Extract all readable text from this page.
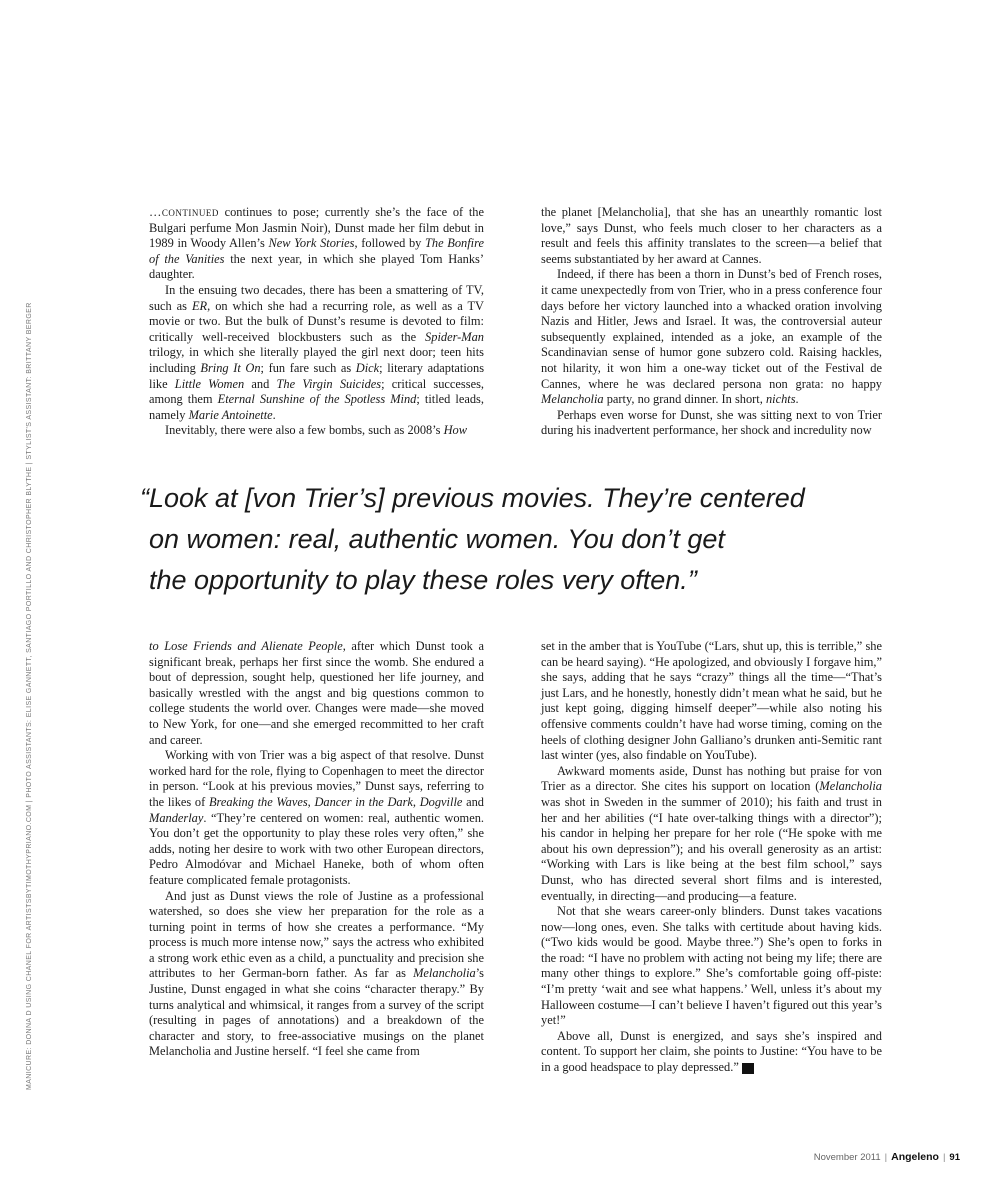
MANICURE: DONNA D USING CHANEL FOR ARTISTSBYTIMOTHYPRIANO.COM | PHOTO ASSISTANTS: ELISE GANNETT, SANTIAGO PORTILLO AND CHRISTOPHER BLYTHE | STYLIST'S ASSISTANT: BRITTANY BERGER

…continued continues to pose; currently she’s the face of the Bulgari perfume Mon Jasmin Noir), Dunst made her film debut in 1989 in Woody Allen’s New York Stories, followed by The Bonfire of the Vanities the next year, in which she played Tom Hanks’ daughter.

In the ensuing two decades, there has been a smattering of TV, such as ER, on which she had a recurring role, as well as a TV movie or two. But the bulk of Dunst’s resume is devoted to film: critically well-received blockbusters such as the Spider-Man trilogy, in which she literally played the girl next door; teen hits including Bring It On; fun fare such as Dick; literary adaptations like Little Women and The Virgin Suicides; critical successes, among them Eternal Sunshine of the Spotless Mind; titled leads, namely Marie Antoinette.

Inevitably, there were also a few bombs, such as 2008’s How

the planet [Melancholia], that she has an unearthly romantic lost love,” says Dunst, who feels much closer to her characters as a result and feels this affinity translates to the screen—a belief that seems substantiated by her award at Cannes.

Indeed, if there has been a thorn in Dunst’s bed of French roses, it came unexpectedly from von Trier, who in a press conference four days before her victory launched into a whacked oration involving Nazis and Hitler, Jews and Israel. It was, the controversial auteur subsequently explained, intended as a joke, an example of the Scandinavian sense of humor gone subzero cold. Raising hackles, not hilarity, it won him a one-way ticket out of the Festival de Cannes, where he was declared persona non grata: no happy Melancholia party, no grand dinner. In short, nichts.

Perhaps even worse for Dunst, she was sitting next to von Trier during his inadvertent performance, her shock and incredulity now

“Look at [von Trier’s] previous movies. They’re centered
on women: real, authentic women. You don’t get
the opportunity to play these roles very often.”

to Lose Friends and Alienate People, after which Dunst took a significant break, perhaps her first since the womb. She endured a bout of depression, sought help, questioned her life journey, and basically wrestled with the angst and big questions common to college students the world over. Changes were made—she moved to New York, for one—and she emerged recommitted to her craft and career.

Working with von Trier was a big aspect of that resolve. Dunst worked hard for the role, flying to Copenhagen to meet the director in person. “Look at his previous movies,” Dunst says, referring to the likes of Breaking the Waves, Dancer in the Dark, Dogville and Manderlay. “They’re centered on women: real, authentic women. You don’t get the opportunity to play these roles very often,” she adds, noting her desire to work with two other European directors, Pedro Almodóvar and Michael Haneke, both of whom often feature complicated female protagonists.

And just as Dunst views the role of Justine as a professional watershed, so does she view her preparation for the role as a turning point in terms of how she creates a performance. “My process is much more intense now,” says the actress who exhibited a strong work ethic even as a child, a punctuality and precision she attributes to her German-born father. As far as Melancholia’s Justine, Dunst engaged in what she coins “character therapy.” By turns analytical and whimsical, it ranges from a survey of the script (resulting in pages of annotations) and a breakdown of the character and story, to free-associative musings on the planet Melancholia and Justine herself. “I feel she came from

set in the amber that is YouTube (“Lars, shut up, this is terrible,” she can be heard saying). “He apologized, and obviously I forgave him,” she says, adding that he says “crazy” things all the time—“That’s just Lars, and he honestly, honestly didn’t mean what he said, but he just kept going, digging himself deeper”—while also noting his offensive comments couldn’t have had worse timing, coming on the heels of clothing designer John Galliano’s drunken anti-Semitic rant last winter (yes, also findable on YouTube).

Awkward moments aside, Dunst has nothing but praise for von Trier as a director. She cites his support on location (Melancholia was shot in Sweden in the summer of 2010); his faith and trust in her and her abilities (“I hate over-talking things with a director”); his candor in helping her prepare for her role (“He spoke with me about his own depression”); and his overall generosity as an artist: “Working with Lars is like being at the best film school,” says Dunst, who has directed several short films and is interested, eventually, in directing—and producing—a feature.

Not that she wears career-only blinders. Dunst takes vacations now—long ones, even. She talks with certitude about having kids. (“Two kids would be good. Maybe three.”) She’s open to forks in the road: “I have no problem with acting not being my life; there are many other things to explore.” She’s comfortable going off-piste: “I’m pretty ‘wait and see what happens.’ Well, unless it’s about my Halloween costume—I can’t believe I haven’t figured out this year’s yet!”

Above all, Dunst is energized, and says she’s inspired and content. To support her claim, she points to Justine: “You have to be in a good headspace to play depressed.” A

November 2011 | Angeleno | 91
